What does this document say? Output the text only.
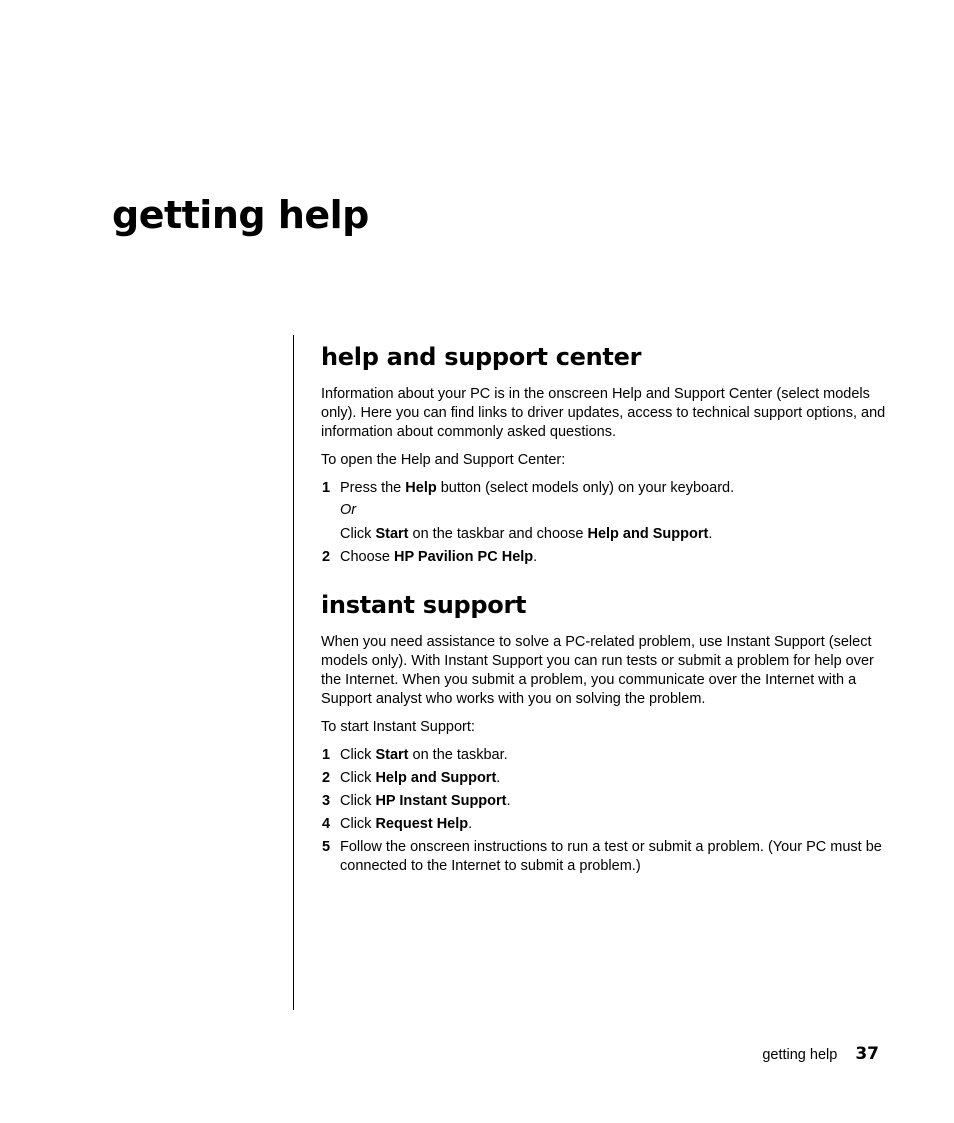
getting help
help and support center

Information about your PC is in the onscreen Help and Support Center (select models only). Here you can find links to driver updates, access to technical support options, and information about commonly asked questions.

To open the Help and Support Center:

1 Press the Help button (select models only) on your keyboard.
Or
Click Start on the taskbar and choose Help and Support.
2 Choose HP Pavilion PC Help.
instant support

When you need assistance to solve a PC-related problem, use Instant Support (select models only). With Instant Support you can run tests or submit a problem for help over the Internet. When you submit a problem, you communicate over the Internet with a Support analyst who works with you on solving the problem.

To start Instant Support:

1 Click Start on the taskbar.
2 Click Help and Support.
3 Click HP Instant Support.
4 Click Request Help.
5 Follow the onscreen instructions to run a test or submit a problem. (Your PC must be connected to the Internet to submit a problem.)
getting help 37
